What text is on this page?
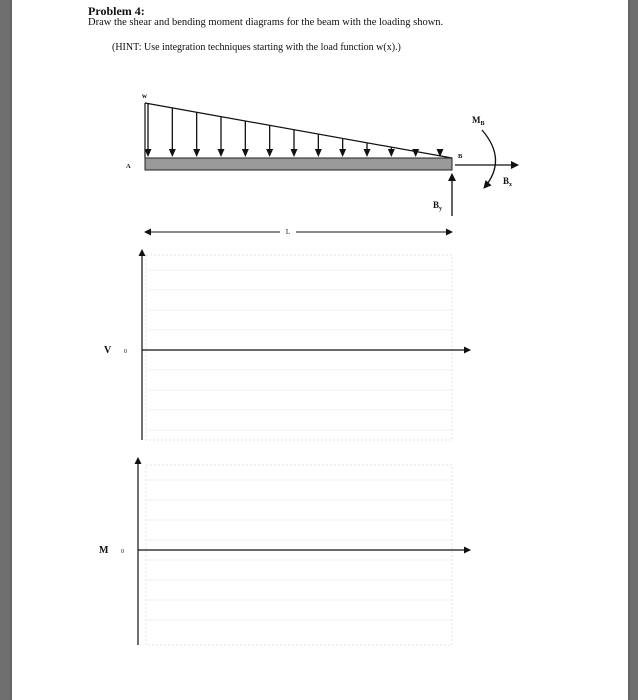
Problem 4:
Draw the shear and bending moment diagrams for the beam with the loading shown.
(HINT: Use integration techniques starting with the load function w(x).)
w
A
B
$M_B$
$B_x$
$B_y$
L
V 0
M 0
